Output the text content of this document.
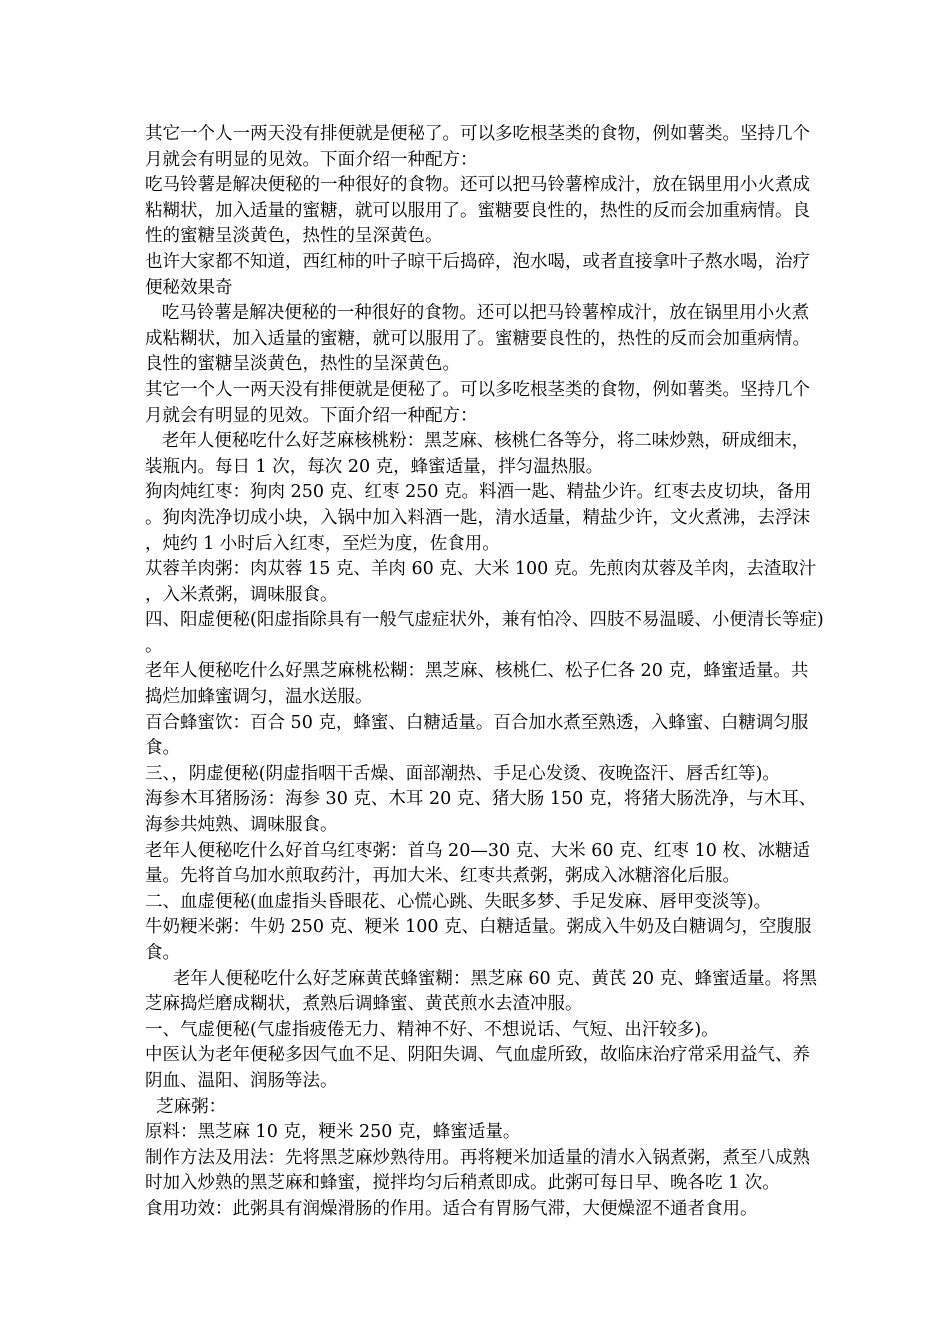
其它一个人一两天没有排便就是便秘了。可以多吃根茎类的食物，例如薯类。坚持几个月就会有明显的见效。下面介绍一种配方：

吃马铃薯是解决便秘的一种很好的食物。还可以把马铃薯榨成汁，放在锅里用小火煮成粘糊状，加入适量的蜜糖，就可以服用了。蜜糖要良性的，热性的反而会加重病情。良性的蜜糖呈淡黄色，热性的呈深黄色。

也许大家都不知道，西红柿的叶子晾干后捣碎，泡水喝，或者直接拿叶子熬水喝，治疗便秘效果奇

吃马铃薯是解决便秘的一种很好的食物。还可以把马铃薯榨成汁，放在锅里用小火煮成粘糊状，加入适量的蜜糖，就可以服用了。蜜糖要良性的，热性的反而会加重病情。良性的蜜糖呈淡黄色，热性的呈深黄色。

其它一个人一两天没有排便就是便秘了。可以多吃根茎类的食物，例如薯类。坚持几个月就会有明显的见效。下面介绍一种配方：

老年人便秘吃什么好芝麻核桃粉：黑芝麻、核桃仁各等分，将二味炒熟，研成细末，装瓶内。每日 1 次，每次 20 克，蜂蜜适量，拌匀温热服。

狗肉炖红枣：狗肉 250 克、红枣 250 克。料酒一匙、精盐少许。红枣去皮切块，备用。狗肉洗净切成小块，入锅中加入料酒一匙，清水适量，精盐少许，文火煮沸，去浮沫，炖约 1 小时后入红枣，至烂为度，佐食用。

苁蓉羊肉粥：肉苁蓉 15 克、羊肉 60 克、大米 100 克。先煎肉苁蓉及羊肉，去渣取汁，入米煮粥，调味服食。

四、阳虚便秘(阳虚指除具有一般气虚症状外，兼有怕冷、四肢不易温暖、小便清长等症)。

老年人便秘吃什么好黑芝麻桃松糊：黑芝麻、核桃仁、松子仁各 20 克，蜂蜜适量。共捣烂加蜂蜜调匀，温水送服。

百合蜂蜜饮：百合 50 克，蜂蜜、白糖适量。百合加水煮至熟透，入蜂蜜、白糖调匀服食。

三、，阴虚便秘(阴虚指咽干舌燥、面部潮热、手足心发烫、夜晚盗汗、唇舌红等)。

海参木耳猪肠汤：海参 30 克、木耳 20 克、猪大肠 150 克，将猪大肠洗净，与木耳、海参共炖熟、调味服食。

老年人便秘吃什么好首乌红枣粥：首乌 20—30 克、大米 60 克、红枣 10 枚、冰糖适量。先将首乌加水煎取药汁，再加大米、红枣共煮粥，粥成入冰糖溶化后服。

二、血虚便秘(血虚指头昏眼花、心慌心跳、失眠多梦、手足发麻、唇甲变淡等)。

牛奶粳米粥：牛奶 250 克、粳米 100 克、白糖适量。粥成入牛奶及白糖调匀，空腹服食。

老年人便秘吃什么好芝麻黄芪蜂蜜糊：黑芝麻 60 克、黄芪 20 克、蜂蜜适量。将黑芝麻捣烂磨成糊状，煮熟后调蜂蜜、黄芪煎水去渣冲服。

一、气虚便秘(气虚指疲倦无力、精神不好、不想说话、气短、出汗较多)。

中医认为老年便秘多因气血不足、阴阳失调、气血虚所致，故临床治疗常采用益气、养阴血、温阳、润肠等法。

芝麻粥：

原料：黑芝麻 10 克，粳米 250 克，蜂蜜适量。

制作方法及用法：先将黑芝麻炒熟待用。再将粳米加适量的清水入锅煮粥，煮至八成熟时加入炒熟的黑芝麻和蜂蜜，搅拌均匀后稍煮即成。此粥可每日早、晚各吃 1 次。

食用功效：此粥具有润燥滑肠的作用。适合有胃肠气滞，大便燥涩不通者食用。
